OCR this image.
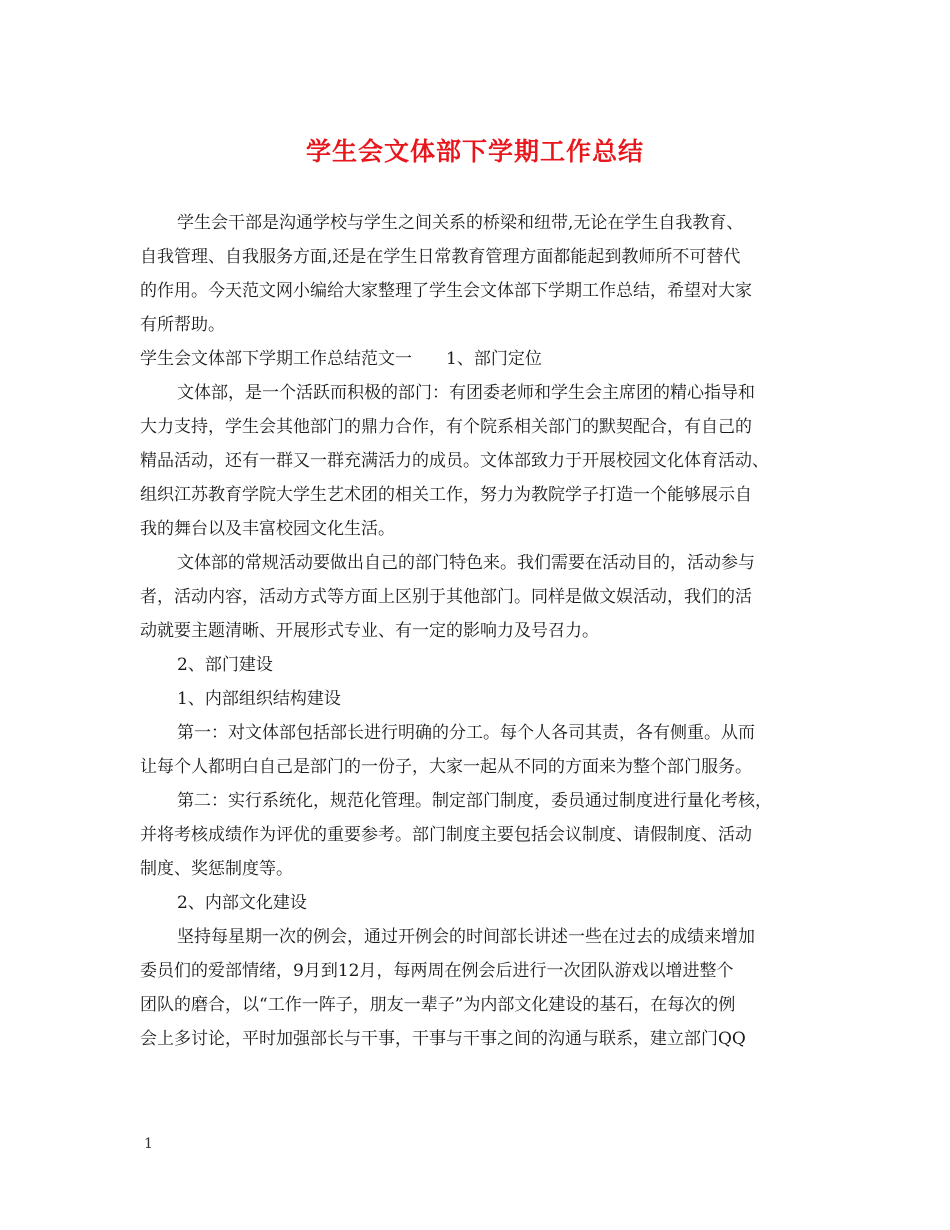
学生会文体部下学期工作总结
学生会干部是沟通学校与学生之间关系的桥梁和纽带,无论在学生自我教育、
自我管理、自我服务方面,还是在学生日常教育管理方面都能起到教师所不可替代
的作用。今天范文网小编给大家整理了学生会文体部下学期工作总结，希望对大家
有所帮助。
学生会文体部下学期工作总结范文一　　1、部门定位
文体部，是一个活跃而积极的部门：有团委老师和学生会主席团的精心指导和
大力支持，学生会其他部门的鼎力合作，有个院系相关部门的默契配合，有自己的
精品活动，还有一群又一群充满活力的成员。文体部致力于开展校园文化体育活动、
组织江苏教育学院大学生艺术团的相关工作，努力为教院学子打造一个能够展示自
我的舞台以及丰富校园文化生活。
文体部的常规活动要做出自己的部门特色来。我们需要在活动目的，活动参与
者，活动内容，活动方式等方面上区别于其他部门。同样是做文娱活动，我们的活
动就要主题清晰、开展形式专业、有一定的影响力及号召力。
2、部门建设
1、内部组织结构建设
第一：对文体部包括部长进行明确的分工。每个人各司其责，各有侧重。从而
让每个人都明白自己是部门的一份子，大家一起从不同的方面来为整个部门服务。
第二：实行系统化，规范化管理。制定部门制度，委员通过制度进行量化考核，
并将考核成绩作为评优的重要参考。部门制度主要包括会议制度、请假制度、活动
制度、奖惩制度等。
2、内部文化建设
坚持每星期一次的例会，通过开例会的时间部长讲述一些在过去的成绩来增加
委员们的爱部情绪，9月到12月，每两周在例会后进行一次团队游戏以增进整个
团队的磨合，以“工作一阵子，朋友一辈子”为内部文化建设的基石，在每次的例
会上多讨论，平时加强部长与干事，干事与干事之间的沟通与联系，建立部门QQ
1
